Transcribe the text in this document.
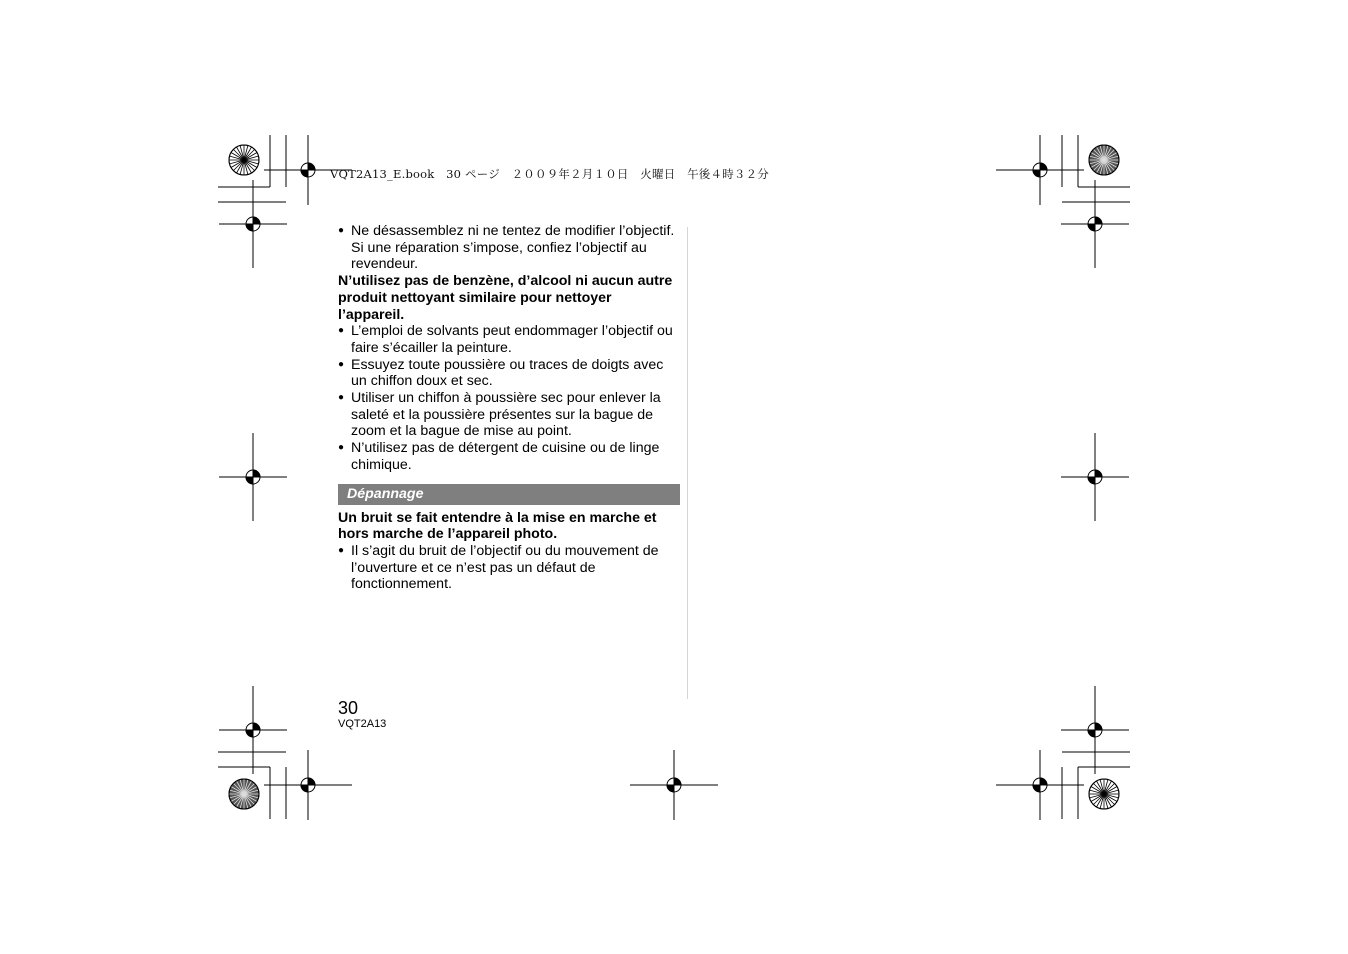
VQT2A13_E.book　30 ページ　２００９年２月１０日　火曜日　午後４時３２分
● Ne désassemblez ni ne tentez de modifier l’objectif. Si une réparation s’impose, confiez l’objectif au revendeur.
N’utilisez pas de benzène, d’alcool ni aucun autre produit nettoyant similaire pour nettoyer l’appareil.
● L’emploi de solvants peut endommager l’objectif ou faire s’écailler la peinture.
● Essuyez toute poussière ou traces de doigts avec un chiffon doux et sec.
● Utiliser un chiffon à poussière sec pour enlever la saleté et la poussière présentes sur la bague de zoom et la bague de mise au point.
● N’utilisez pas de détergent de cuisine ou de linge chimique.
Dépannage
Un bruit se fait entendre à la mise en marche et hors marche de l’appareil photo.
● Il s’agit du bruit de l’objectif ou du mouvement de l’ouverture et ce n’est pas un défaut de fonctionnement.
30
VQT2A13
